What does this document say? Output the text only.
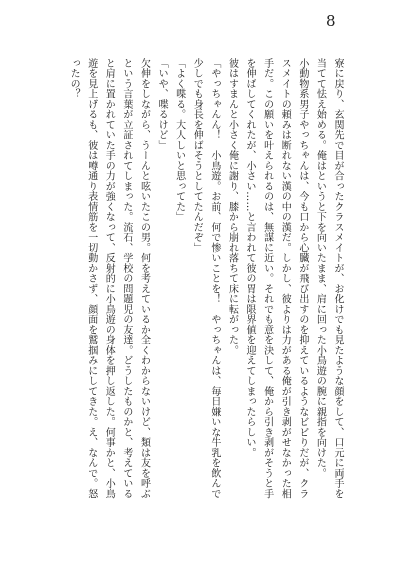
8

寮に戻り、玄関先で目が合ったクラスメイトが、お化けでも見たような顔をして、口元に両手を当てて怯え始める。俺はというと下を向いたまま、肩に回った小鳥遊の腕に親指を向けた。

小動物系男子やっちゃんは、今も口から心臓が飛び出すのを抑えているようなビビりだが、クラスメイトの頼みは断れない漢の中の漢だ。しかし、彼よりは力がある俺が引き剥がせなかった相手だ。この願いを叶えられるのは、無謀に近い。それでも意を決して、俺から引き剥がそうと手を伸ばしてくれたが、小さい……と言われて彼の胃は限界値を迎えてしまったらしい。

彼はすまんと小さく俺に謝り、膝から崩れ落ちて床に転がった。

「やっちゃんん！　小鳥遊。お前、何で惨いことを！　やっちゃんは、毎日嫌いな牛乳を飲んで少しでも身長を伸ばそうとしてたんだぞ」

「よく喋る。大人しいと思ってた」

「いや、喋るけど」

欠伸をしながら、うーんと呟いたこの男。何を考えているか全くわからないけど、類は友を呼ぶという言葉が立証されてしまった。流石、学校の問題児の友達。どうしたものかと、考えていると肩に置かれていた手の力が強くなって、反射的に小鳥遊の身体を押し返した。何事かと、小鳥遊を見上げるも、彼は噂通り表情筋を一切動かさず、顔面を鷲掴みにしてきた。え、なんで。怒ったの？
